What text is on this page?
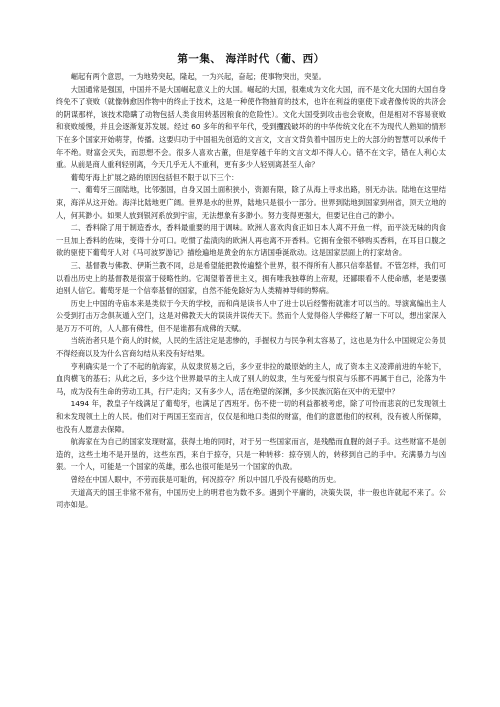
第一集、 海洋时代（葡、西）

崛起有两个意思，一为地势突起，隆起，一为兴起，奋起；使事物突出，突显。

大国通常是强国，中国并不是大国崛起意义上的大国。崛起的大国，很难成为文化大国，而不是文化大国的大国自身终免不了衰败（就像韩愈因作物中的终止于技术，这是一种使作物抽育的技术，也许在利益的驱使下或者像传说的共济会的阴谋那样，该技术隐瞒了动物包括人类食用转基因粮食的危险性）。文化大国受到攻击也会衰败，但是相对不容易衰败和衰败缓慢，并且会逐渐复苏发展。经过 60 多年的和平年代，受到攫践破坏的的中华传统文化在不为现代人熟知的情形下在多个国家开始萌芽，传播。这要归功于中国祖先创造的文言文，文言文背负着中国历史上的大部分的智慧可以承传千年不绝。财富会灭失，而思想不会。很多人喜欢古董，但是穿越千年的文言文却不得人心。错不在文字，错在人利心太重。从前是商人重利轻别离，今天几乎无人不重利，更有多少人轻别离甚至人命？

葡萄牙海上扩展之路的原因包括但不限于以下三个：

一、葡萄牙三面陆地，比邻强国，自身又国土面积狭小，资源有限，除了从海上寻求出路，别无办法。陆地在这里结束，海洋从这开始。海洋比陆地更广阔。世界是水的世界，陆地只是很小一部分。世界到陆地到国家到州省，顶天立地的人，何其渺小。如果人放到银河系放到宇宙，无法想象有多渺小。努力变得更强大，但要记住自己的渺小。

二、香料除了用于制造香水，香料最重要的用于调味。欧洲人喜欢肉食正如日本人离不开鱼一样，而平淡无味的肉食一旦加上香料的佐味，变得十分可口。吃惯了盐渍肉的欧洲人再也离不开香料。它拥有金银不够购买香料，在耳目口腹之欲的驱使下葡萄牙人对《马可波罗游记》描绘遍地是黄金的东方诸国垂涎欲动。这是国家层面上的打家劫舍。

三、基督教与佛教、伊斯兰教不同，总是希望能把教传遍整个世界，很不得所有人都只信奉基督。不管怎样，我们可以看出历史上的基督教是很富于侵略性的。它渴望着普世主义，拥有唯我独尊的上帝观，还鄙眼看不人使命感，老是要强迫别人信它。葡萄牙是一个信奉基督的国家，自然不能免除好为人类精神导师的弊病。

历史上中国的寺庙本来是类似于今天的学校，而和尚是读书人中了进士以后经警衔就准才可以当的。导演寓编出主人公受到打击万念俱灰遁入空门，这是对佛教天大的误读并误传天下。然而个人觉得俗人学佛经了解一下可以，想出家深入是万万不可的，人人都有佛性，但不是谁都有成佛的天赋。

当统治者只是个商人的时候，人民的生活注定是悲惨的，手握权力与民争利太容易了，这也是为什么中国规定公务员不得经商以及为什么宫商勾结从来没有好结果。

亨利确实是一个了不起的航海家，从奴隶贸易之后，多少亚非拉的最原始的主人，成了资本主义凌滞前进的车轮下，血肉横飞的基石；从此之后，多少这个世界最早的主人成了别人的奴隶，生与死爱与恨哀与乐都不再属于自己，沦落为牛马，成为没有生命的劳动工具，行尸走肉；又有多少人，活在绝望的深渊，多少民族沉陷在灭中的无望中？

1494 年，教皇子午线满足了葡萄牙，也满足了西班牙。伤不使一切的利益都被考虑，除了可怜而悲哀的已发现领土和未发现领土上的人民。他们对于两国王室而言，仅仅是和地口类似的财富，他们的意愿他们的权利，没有被人所保障，也没有人愿意去保障。

航海家在为自己的国家发现财富，获得土地的同时，对于另一些国家而言，是残酷而血腥的刽子手。这些财富不是创造的，这些土地不是开垦的，这些东西，来自于掠夺，只是一种转移：掠夺别人的，转移到自己的手中。充满暴力与凶狠。一个人，可能是一个国家的英雄，那么也很可能是另一个国家的仇敌。

曾经在中国人眼中，不劳而获是可耻的，何况掠夺？所以中国几乎没有侵略的历史。

天道高天的国王非常不常有，中国历史上的明君也为数不多。遇到个平庸的，决策失误，非一般也许就起不来了。公司亦如是。
